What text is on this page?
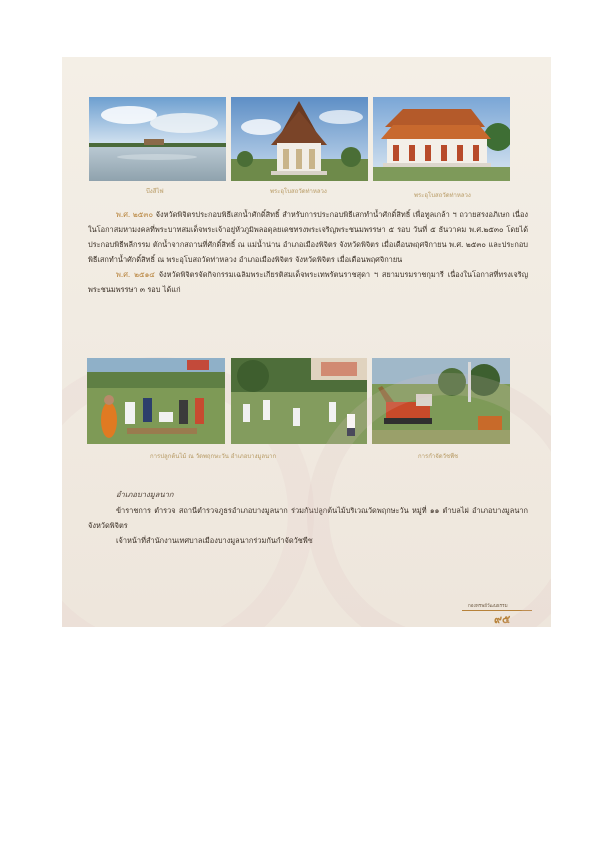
บึงสีไฟ	พระอุโบสถวัดท่าหลวง
พระอุโบสถวัดท่าหลวง

พ.ศ. ๒๕๓๐ จังหวัดพิจิตรประกอบพิธีเสกน้ำศักดิ์สิทธิ์ สำหรับการประกอบพิธีเสกทำน้ำศักดิ์สิทธิ์ เพื่อทูลเกล้า ฯ ถวายสรงอภิเษก เนื่องในโอกาสมหามงคลที่พระบาทสมเด็จพระเจ้าอยู่หัวภูมิพลอดุลยเดชทรงพระเจริญพระชนมพรรษา ๕ รอบ วันที่ ๕ ธันวาคม พ.ศ.๒๕๓๐ โดยได้ประกอบพิธีพลีกรรม ตักน้ำจากสถานที่ศักดิ์สิทธิ์ ณ แม่น้ำน่าน อำเภอเมืองพิจิตร จังหวัดพิจิตร เมื่อเดือนพฤศจิกายน พ.ศ. ๒๕๓๐ และประกอบพิธีเสกทำน้ำศักดิ์สิทธิ์ ณ พระอุโบสถวัดท่าหลวง อำเภอเมืองพิจิตร จังหวัดพิจิตร เมื่อเดือนพฤศจิกายน

พ.ศ. ๒๕๑๔ จังหวัดพิจิตรจัดกิจกรรมเฉลิมพระเกียรติสมเด็จพระเทพรัตนราชสุดา ฯ สยามบรมราชกุมารี เนื่องในโอกาสที่ทรงเจริญพระชนมพรรษา ๓ รอบ ได้แก่

การปลูกต้นไม้ ณ วัดพฤกษะวัน อำเภอบางมูลนาก	การกำจัดวัชพืช
อำเภอบางมูลนาก

ข้าราชการ ตำรวจ สถานีตำรวจภูธรอำเภอบางมูลนาก ร่วมกันปลูกต้นไม้บริเวณวัดพฤกษะวัน หมู่ที่ ๑๑ ตำบลไผ่ อำเภอบางมูลนาก จังหวัดพิจิตร

เจ้าหน้าที่สำนักงานเทศบาลเมืองบางมูลนากร่วมกันกำจัดวัชพืช

กองทรพย์วัฒนธรรม
๙๕
